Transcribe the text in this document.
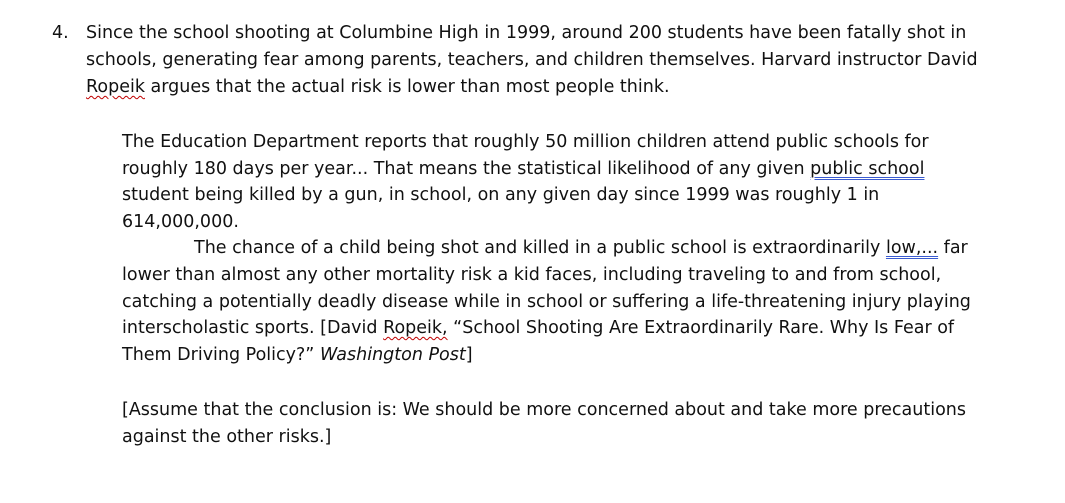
4. Since the school shooting at Columbine High in 1999, around 200 students have been fatally shot in
schools, generating fear among parents, teachers, and children themselves. Harvard instructor David
Ropeik argues that the actual risk is lower than most people think.
The Education Department reports that roughly 50 million children attend public schools for
roughly 180 days per year... That means the statistical likelihood of any given public school
student being killed by a gun, in school, on any given day since 1999 was roughly 1 in
614,000,000.
The chance of a child being shot and killed in a public school is extraordinarily low,... far
lower than almost any other mortality risk a kid faces, including traveling to and from school,
catching a potentially deadly disease while in school or suffering a life-threatening injury playing
interscholastic sports. [David Ropeik, “School Shooting Are Extraordinarily Rare. Why Is Fear of
Them Driving Policy?” Washington Post]
[Assume that the conclusion is: We should be more concerned about and take more precautions
against the other risks.]
